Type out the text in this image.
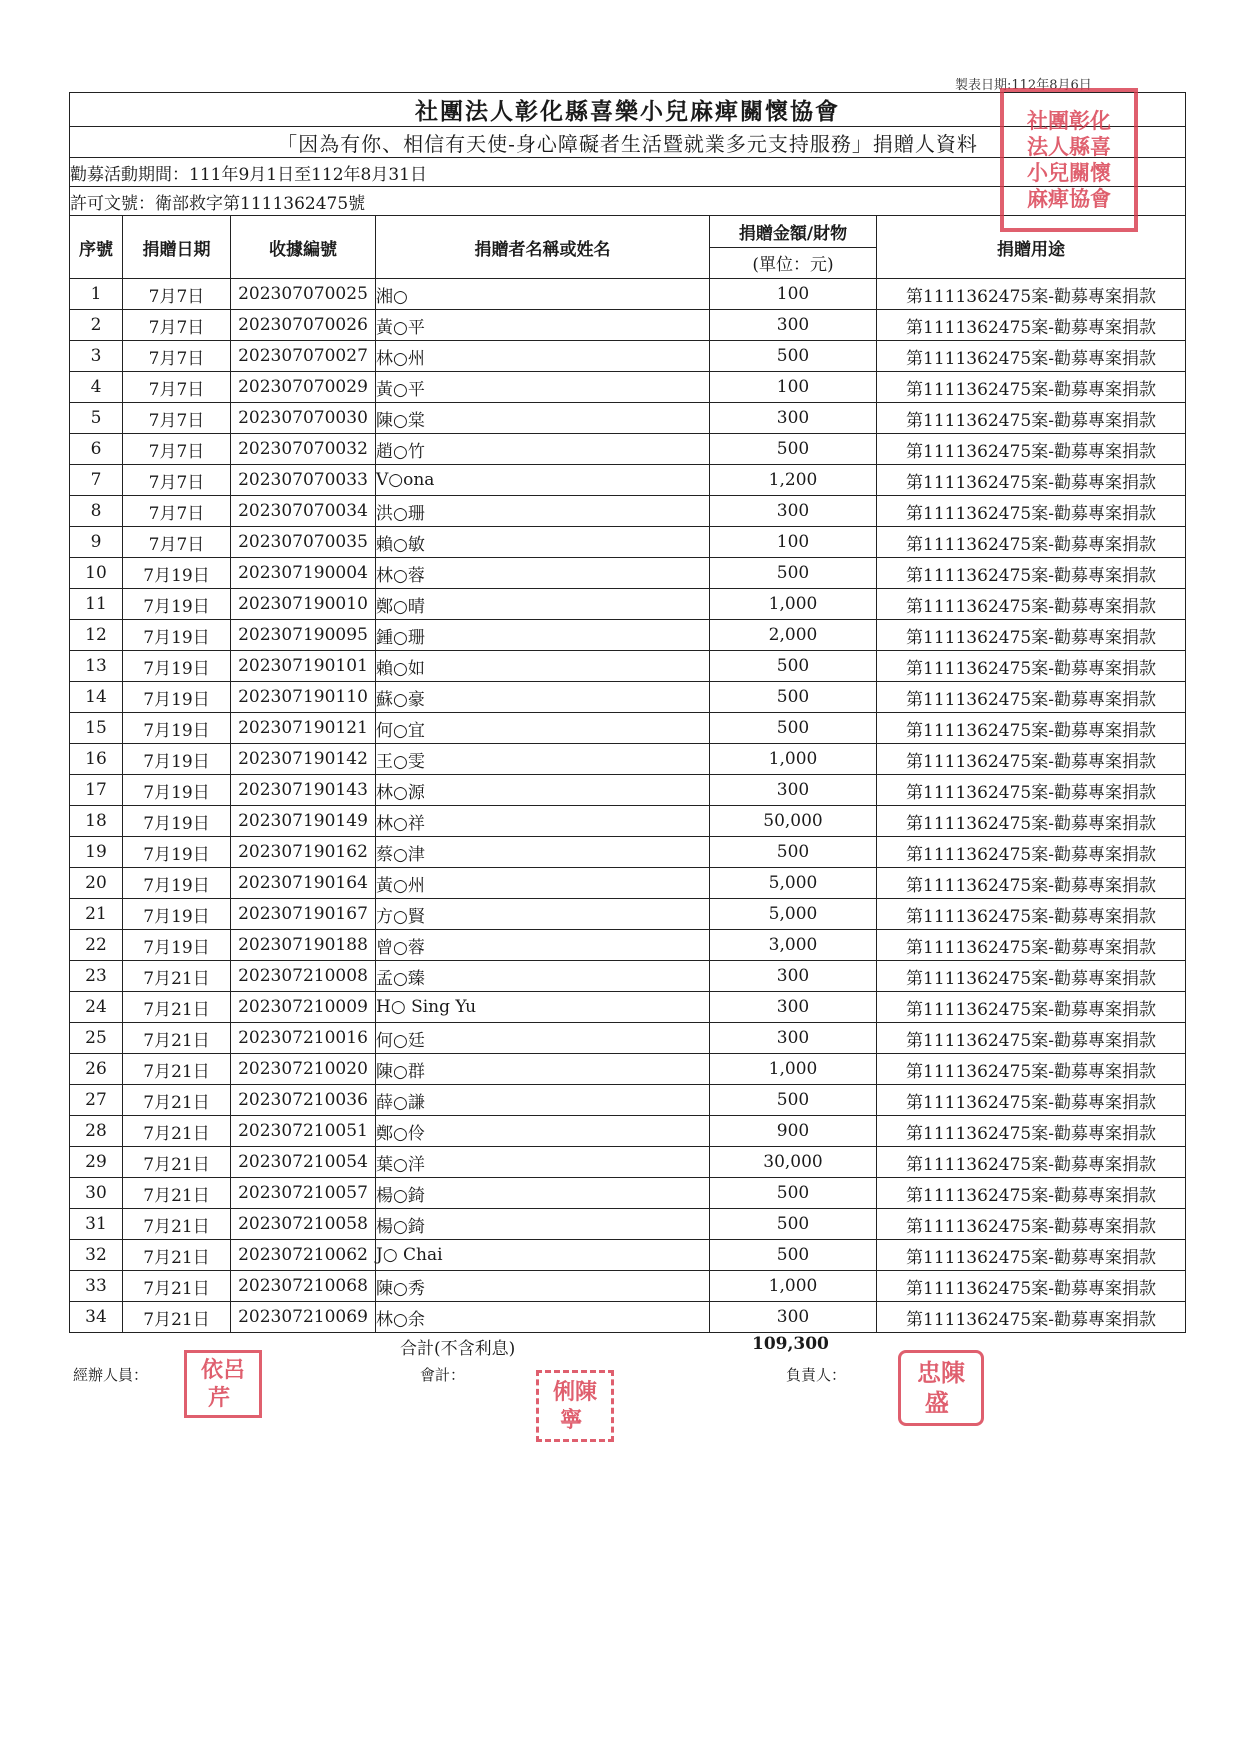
製表日期:112年8月6日
社團法人彰化縣喜樂小兒麻痺關懷協會					
「因為有你、相信有天使-身心障礙者生活暨就業多元支持服務」捐贈人資料					
勸募活動期間：111年9月1日至112年8月31日					
許可文號：衛部救字第1111362475號					
序號	捐贈日期	收據編號	捐贈者名稱或姓名	捐贈金額/財物	捐贈用途
				(單位：元)	
1	7月7日	202307070025	湘○	100	第1111362475案-勸募專案捐款
2	7月7日	202307070026	黃○平	300	第1111362475案-勸募專案捐款
3	7月7日	202307070027	林○州	500	第1111362475案-勸募專案捐款
4	7月7日	202307070029	黃○平	100	第1111362475案-勸募專案捐款
5	7月7日	202307070030	陳○棠	300	第1111362475案-勸募專案捐款
6	7月7日	202307070032	趙○竹	500	第1111362475案-勸募專案捐款
7	7月7日	202307070033	V○ona	1,200	第1111362475案-勸募專案捐款
8	7月7日	202307070034	洪○珊	300	第1111362475案-勸募專案捐款
9	7月7日	202307070035	賴○敏	100	第1111362475案-勸募專案捐款
10	7月19日	202307190004	林○蓉	500	第1111362475案-勸募專案捐款
11	7月19日	202307190010	鄭○晴	1,000	第1111362475案-勸募專案捐款
12	7月19日	202307190095	鍾○珊	2,000	第1111362475案-勸募專案捐款
13	7月19日	202307190101	賴○如	500	第1111362475案-勸募專案捐款
14	7月19日	202307190110	蘇○豪	500	第1111362475案-勸募專案捐款
15	7月19日	202307190121	何○宜	500	第1111362475案-勸募專案捐款
16	7月19日	202307190142	王○雯	1,000	第1111362475案-勸募專案捐款
17	7月19日	202307190143	林○源	300	第1111362475案-勸募專案捐款
18	7月19日	202307190149	林○祥	50,000	第1111362475案-勸募專案捐款
19	7月19日	202307190162	蔡○津	500	第1111362475案-勸募專案捐款
20	7月19日	202307190164	黃○州	5,000	第1111362475案-勸募專案捐款
21	7月19日	202307190167	方○賢	5,000	第1111362475案-勸募專案捐款
22	7月19日	202307190188	曾○蓉	3,000	第1111362475案-勸募專案捐款
23	7月21日	202307210008	孟○臻	300	第1111362475案-勸募專案捐款
24	7月21日	202307210009	H○ Sing Yu	300	第1111362475案-勸募專案捐款
25	7月21日	202307210016	何○廷	300	第1111362475案-勸募專案捐款
26	7月21日	202307210020	陳○群	1,000	第1111362475案-勸募專案捐款
27	7月21日	202307210036	薛○謙	500	第1111362475案-勸募專案捐款
28	7月21日	202307210051	鄭○伶	900	第1111362475案-勸募專案捐款
29	7月21日	202307210054	葉○洋	30,000	第1111362475案-勸募專案捐款
30	7月21日	202307210057	楊○錡	500	第1111362475案-勸募專案捐款
31	7月21日	202307210058	楊○錡	500	第1111362475案-勸募專案捐款
32	7月21日	202307210062	J○ Chai	500	第1111362475案-勸募專案捐款
33	7月21日	202307210068	陳○秀	1,000	第1111362475案-勸募專案捐款
34	7月21日	202307210069	林○余	300	第1111362475案-勸募專案捐款
合計(不含利息)	109,300
經辦人員：	會計：	負責人：
社團彰化
法人縣喜
小兒關懷
麻痺協會
依呂
芹	俐陳
寧
忠陳
盛
